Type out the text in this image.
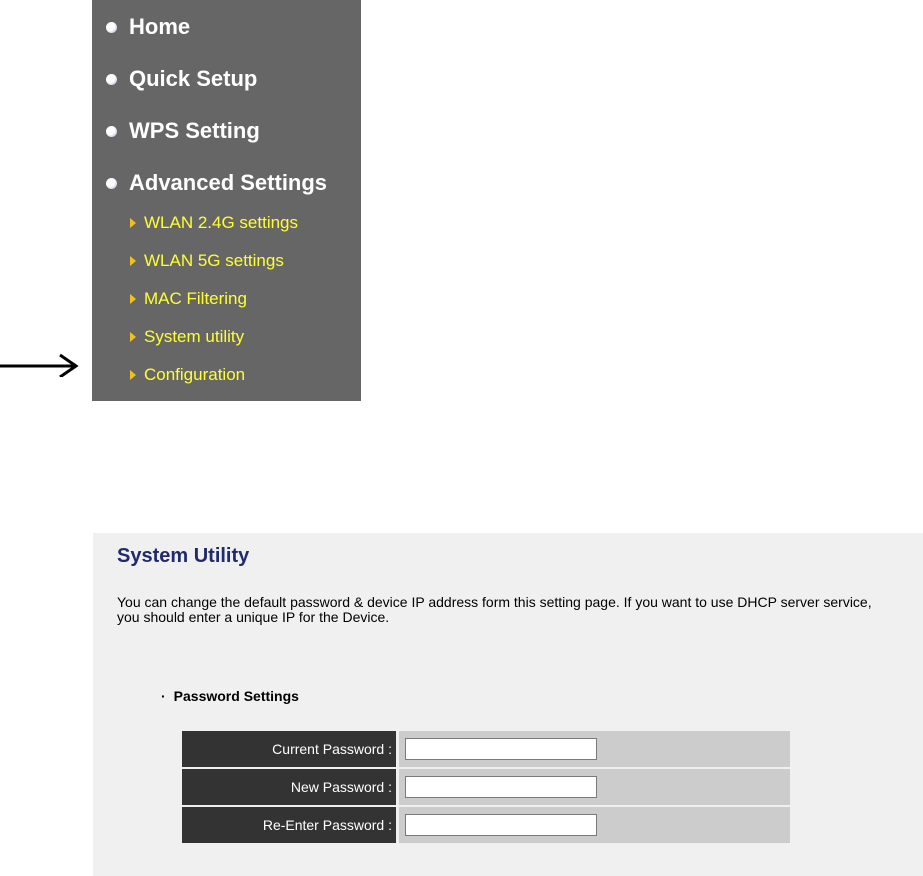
Home
Quick Setup
WPS Setting
Advanced Settings
WLAN 2.4G settings
WLAN 5G settings
MAC Filtering
System utility
Configuration
System Utility

You can change the default password & device IP address form this setting page. If you want to use DHCP server service, you should enter a unique IP for the Device.

· Password Settings
Current Password :	
New Password :	
Re-Enter Password :	
